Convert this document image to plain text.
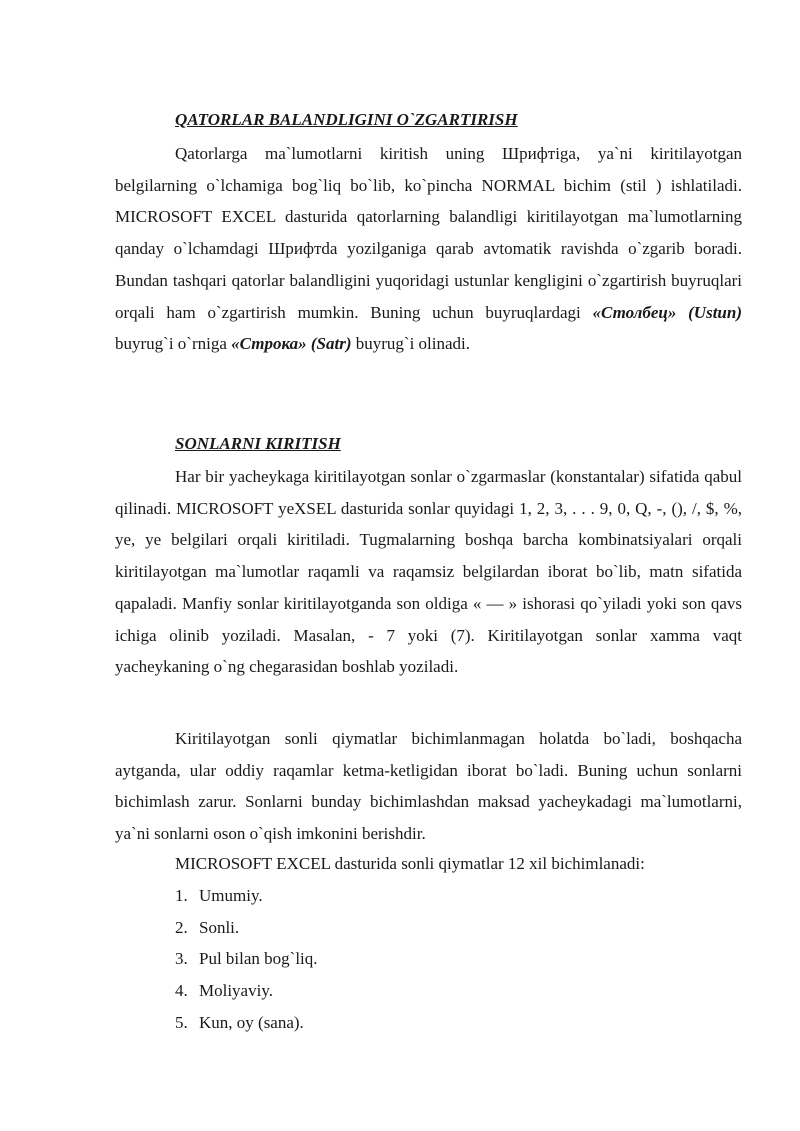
QATORLAR BALANDLIGINI O`ZGARTIRISH

Qatorlarga ma`lumotlarni kiritish uning Шрифтiga, ya`ni kiritilayotgan belgilarning o`lchamiga bog`liq bo`lib, ko`pincha NORMAL bichim (stil ) ishlatiladi. MICROSOFT EXCEL dasturida qatorlarning balandligi kiritilayotgan ma`lumotlarning qanday o`lchamdagi Шрифтda yozilganiga qarab avtomatik ravishda o`zgarib boradi. Bundan tashqari qatorlar balandligini yuqoridagi ustunlar kengligini o`zgartirish buyruqlari orqali ham o`zgartirish mumkin. Buning uchun buyruqlardagi «Столбец» (Ustun) buyrug`i o`rniga «Строка» (Satr) buyrug`i olinadi.

SONLARNI KIRITISH

Har bir yacheykaga kiritilayotgan sonlar o`zgarmaslar (konstantalar) sifatida qabul qilinadi. MICROSOFT yeXSEL dasturida sonlar quyidagi 1, 2, 3, . . . 9, 0, Q, -, (), /, $, %, ye, ye belgilari orqali kiritiladi. Tugmalarning boshqa barcha kombinatsiyalari orqali kiritilayotgan ma`lumotlar raqamli va raqamsiz belgilardan iborat bo`lib, matn sifatida qapaladi. Manfiy sonlar kiritilayotganda son oldiga « — » ishorasi qo`yiladi yoki son qavs ichiga olinib yoziladi. Masalan, - 7 yoki (7). Kiritilayotgan sonlar xamma vaqt yacheykaning o`ng chegarasidan boshlab yoziladi.

Kiritilayotgan sonli qiymatlar bichimlanmagan holatda bo`ladi, boshqacha aytganda, ular oddiy raqamlar ketma-ketligidan iborat bo`ladi. Buning uchun sonlarni bichimlash zarur. Sonlarni bunday bichimlashdan maksad yacheykadagi ma`lumotlarni, ya`ni sonlarni oson o`qish imkonini berishdir.

MICROSOFT EXCEL dasturida sonli qiymatlar 12 xil bichimlanadi:

1. Umumiy.
2. Sonli.
3. Pul bilan bog`liq.
4. Moliyaviy.
5. Kun, oy (sana).
